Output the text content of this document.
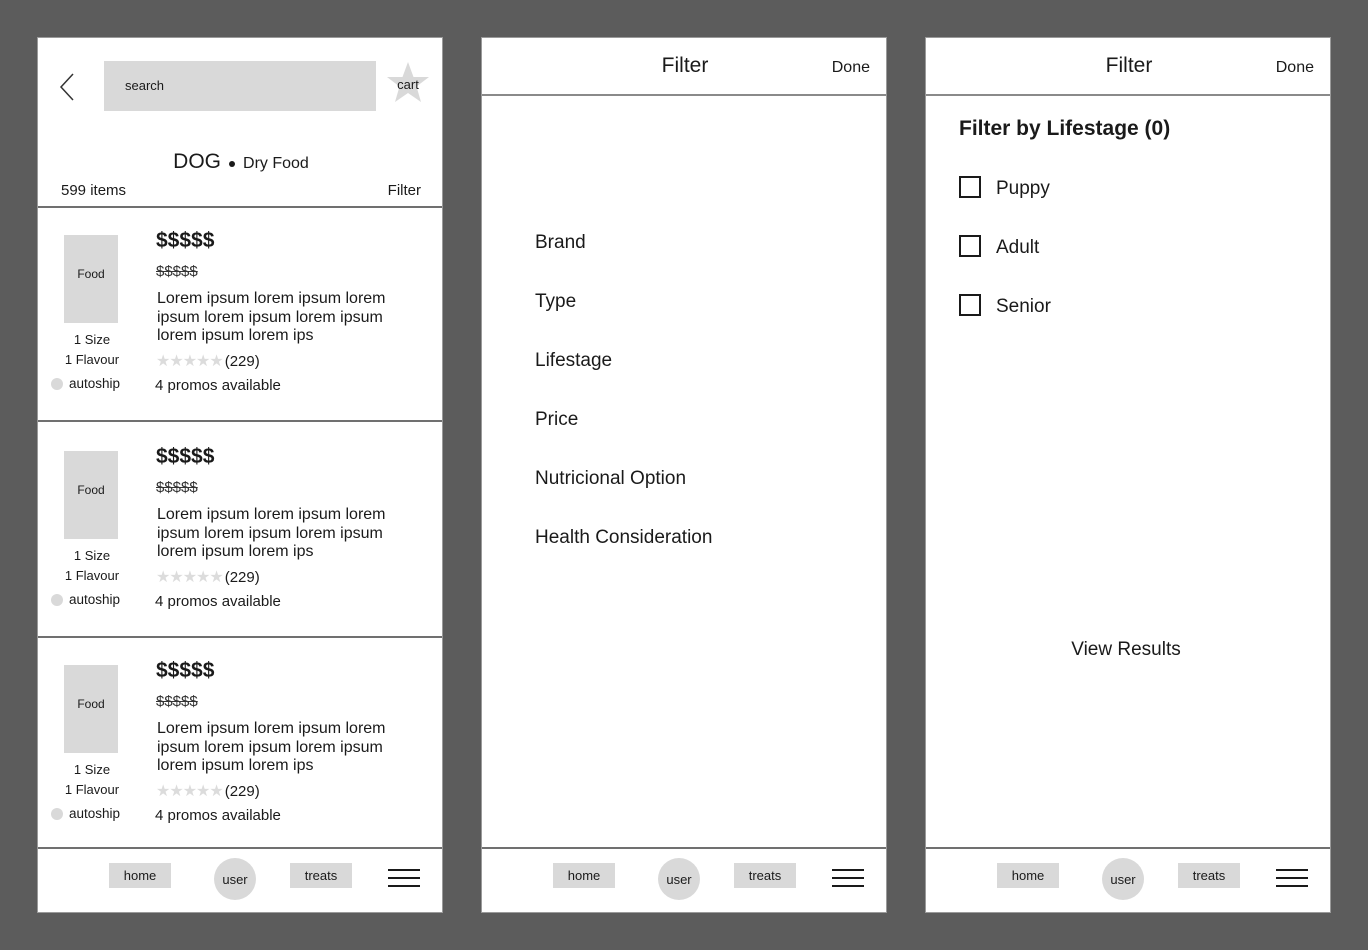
search	cart
DOG Dry Food
599 items	Filter
Food
1 Size
1 Flavour
autoship
$$$$$
$$$$$
Lorem ipsum lorem ipsum lorem ipsum lorem ipsum lorem ipsum lorem ipsum lorem ips
★★★★★ (229)
4 promos available
Food
1 Size
1 Flavour
autoship
$$$$$
$$$$$
Lorem ipsum lorem ipsum lorem ipsum lorem ipsum lorem ipsum lorem ipsum lorem ips
★★★★★ (229)
4 promos available
Food
1 Size
1 Flavour
autoship
$$$$$
$$$$$
Lorem ipsum lorem ipsum lorem ipsum lorem ipsum lorem ipsum lorem ipsum lorem ips
★★★★★ (229)
4 promos available
home	user	treats
Filter	Done
Brand
Type
Lifestage
Price
Nutricional Option
Health Consideration
home	user	treats
Filter	Done
Filter by Lifestage (0)
Puppy
Adult
Senior
View Results
home	user	treats
